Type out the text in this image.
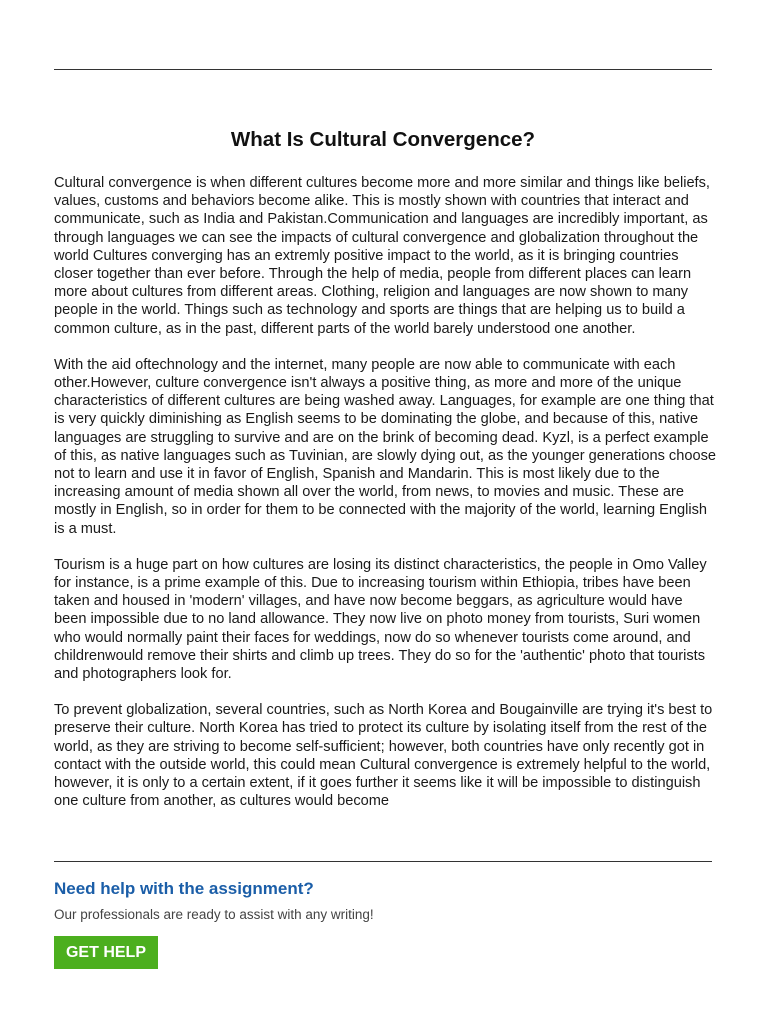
What Is Cultural Convergence?

Cultural convergence is when different cultures become more and more similar and things like beliefs, values, customs and behaviors become alike. This is mostly shown with countries that interact and communicate, such as India and Pakistan.Communication and languages are incredibly important, as through languages we can see the impacts of cultural convergence and globalization throughout the world Cultures converging has an extremly positive impact to the world, as it is bringing countries closer together than ever before. Through the help of media, people from different places can learn more about cultures from different areas. Clothing, religion and languages are now shown to many people in the world. Things such as technology and sports are things that are helping us to build a common culture, as in the past, different parts of the world barely understood one another.

With the aid oftechnology and the internet, many people are now able to communicate with each other.However, culture convergence isn't always a positive thing, as more and more of the unique characteristics of different cultures are being washed away. Languages, for example are one thing that is very quickly diminishing as English seems to be dominating the globe, and because of this, native languages are struggling to survive and are on the brink of becoming dead. Kyzl, is a perfect example of this, as native languages such as Tuvinian, are slowly dying out, as the younger generations choose not to learn and use it in favor of English, Spanish and Mandarin. This is most likely due to the increasing amount of media shown all over the world, from news, to movies and music. These are mostly in English, so in order for them to be connected with the majority of the world, learning English is a must.

Tourism is a huge part on how cultures are losing its distinct characteristics, the people in Omo Valley for instance, is a prime example of this. Due to increasing tourism within Ethiopia, tribes have been taken and housed in 'modern' villages, and have now become beggars, as agriculture would have been impossible due to no land allowance. They now live on photo money from tourists, Suri women who would normally paint their faces for weddings, now do so whenever tourists come around, and childrenwould remove their shirts and climb up trees. They do so for the 'authentic' photo that tourists and photographers look for.

To prevent globalization, several countries, such as North Korea and Bougainville are trying it's best to preserve their culture. North Korea has tried to protect its culture by isolating itself from the rest of the world, as they are striving to become self-sufficient; however, both countries have only recently got in contact with the outside world, this could mean Cultural convergence is extremely helpful to the world, however, it is only to a certain extent, if it goes further it seems like it will be impossible to distinguish one culture from another, as cultures would become

Need help with the assignment?

Our professionals are ready to assist with any writing!

GET HELP
